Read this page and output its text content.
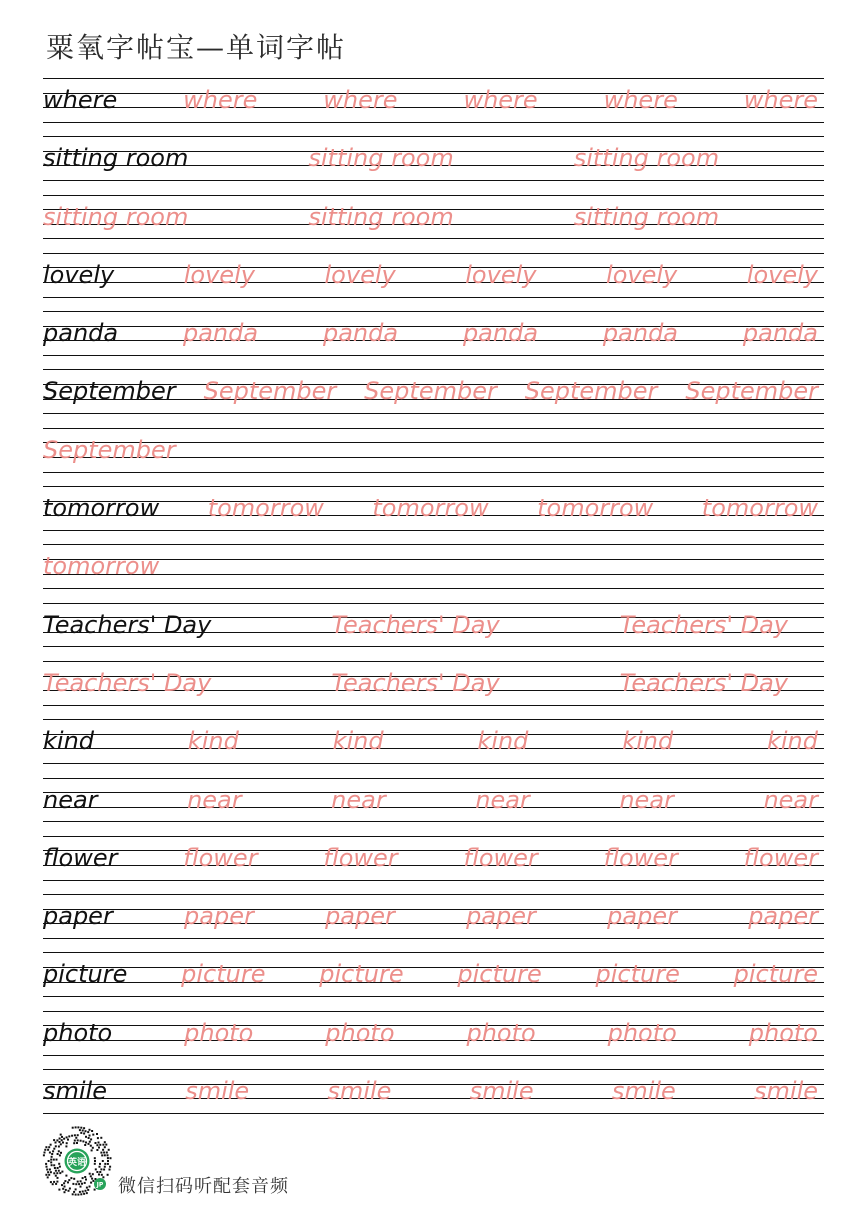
粟氧字帖宝—单词字帖
where	where	where	where	where	where
sitting room	sitting room	sitting room
sitting room	sitting room	sitting room
lovely	lovely	lovely	lovely	lovely	lovely
panda	panda	panda	panda	panda	panda
September September September September September
September
tomorrow tomorrow tomorrow tomorrow tomorrow
tomorrow
Teachers' Day	Teachers' Day	Teachers' Day
Teachers' Day	Teachers' Day	Teachers' Day
kind	kind	kind	kind	kind	kind
near	near	near	near	near	near
flower	flower	flower	flower	flower	flower
paper	paper	paper	paper	paper	paper
picture picture picture picture picture picture
photo	photo	photo	photo	photo	photo
smile	smile	smile	smile	smile	smile
英语
JP 微信扫码听配套音频
